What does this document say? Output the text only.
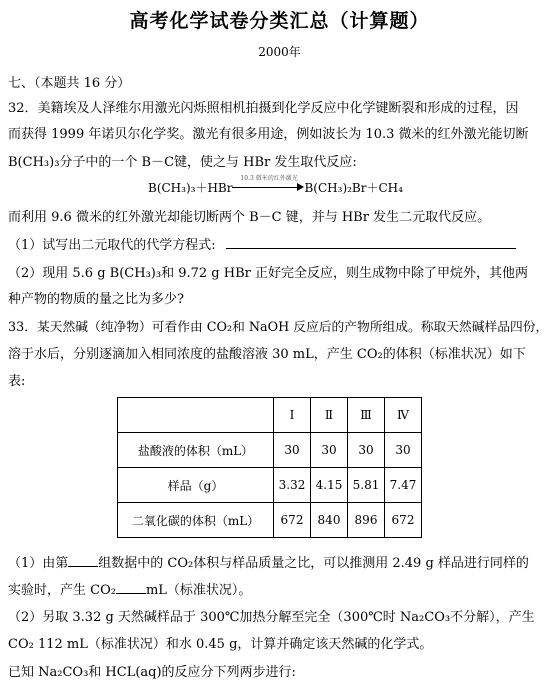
高考化学试卷分类汇总（计算题）
2000年
七、（本题共 16 分）
32．美籍埃及人泽维尔用激光闪烁照相机拍摄到化学反应中化学键断裂和形成的过程，因
而获得 1999 年诺贝尔化学奖。激光有很多用途，例如波长为 10.3 微米的红外激光能切断
B(CH₃)₃分子中的一个 B－C键，使之与 HBr 发生取代反应:
B(CH₃)₃＋HBr
10.3 微米的红外激光
B(CH₃)₂Br＋CH₄
而利用 9.6 微米的红外激光却能切断两个 B－C 键，并与 HBr 发生二元取代反应。
（1）试写出二元取代的代学方程式:
（2）现用 5.6 g B(CH₃)₃和 9.72 g HBr 正好完全反应，则生成物中除了甲烷外，其他两
种产物的物质的量之比为多少?
33．某天然碱（纯净物）可看作由 CO₂和 NaOH 反应后的产物所组成。称取天然碱样品四份，
溶于水后，分别逐滴加入相同浓度的盐酸溶液 30 mL，产生 CO₂的体积（标准状况）如下
表:
	Ⅰ	Ⅱ	Ⅲ	Ⅳ
盐酸液的体积（mL）	30	30	30	30
样品（g）	3.32	4.15	5.81	7.47
二氧化碳的体积（mL）	672	840	896	672
（1）由第 组数据中的 CO₂体积与样品质量之比，可以推测用 2.49 g 样品进行同样的
实验时，产生 CO₂ mL（标准状况）。
（2）另取 3.32 g 天然碱样品于 300℃加热分解至完全（300℃时 Na₂CO₃不分解），产生
CO₂ 112 mL（标准状况）和水 0.45 g，计算并确定该天然碱的化学式。
已知 Na₂CO₃和 HCL(aq)的反应分下列两步进行:
